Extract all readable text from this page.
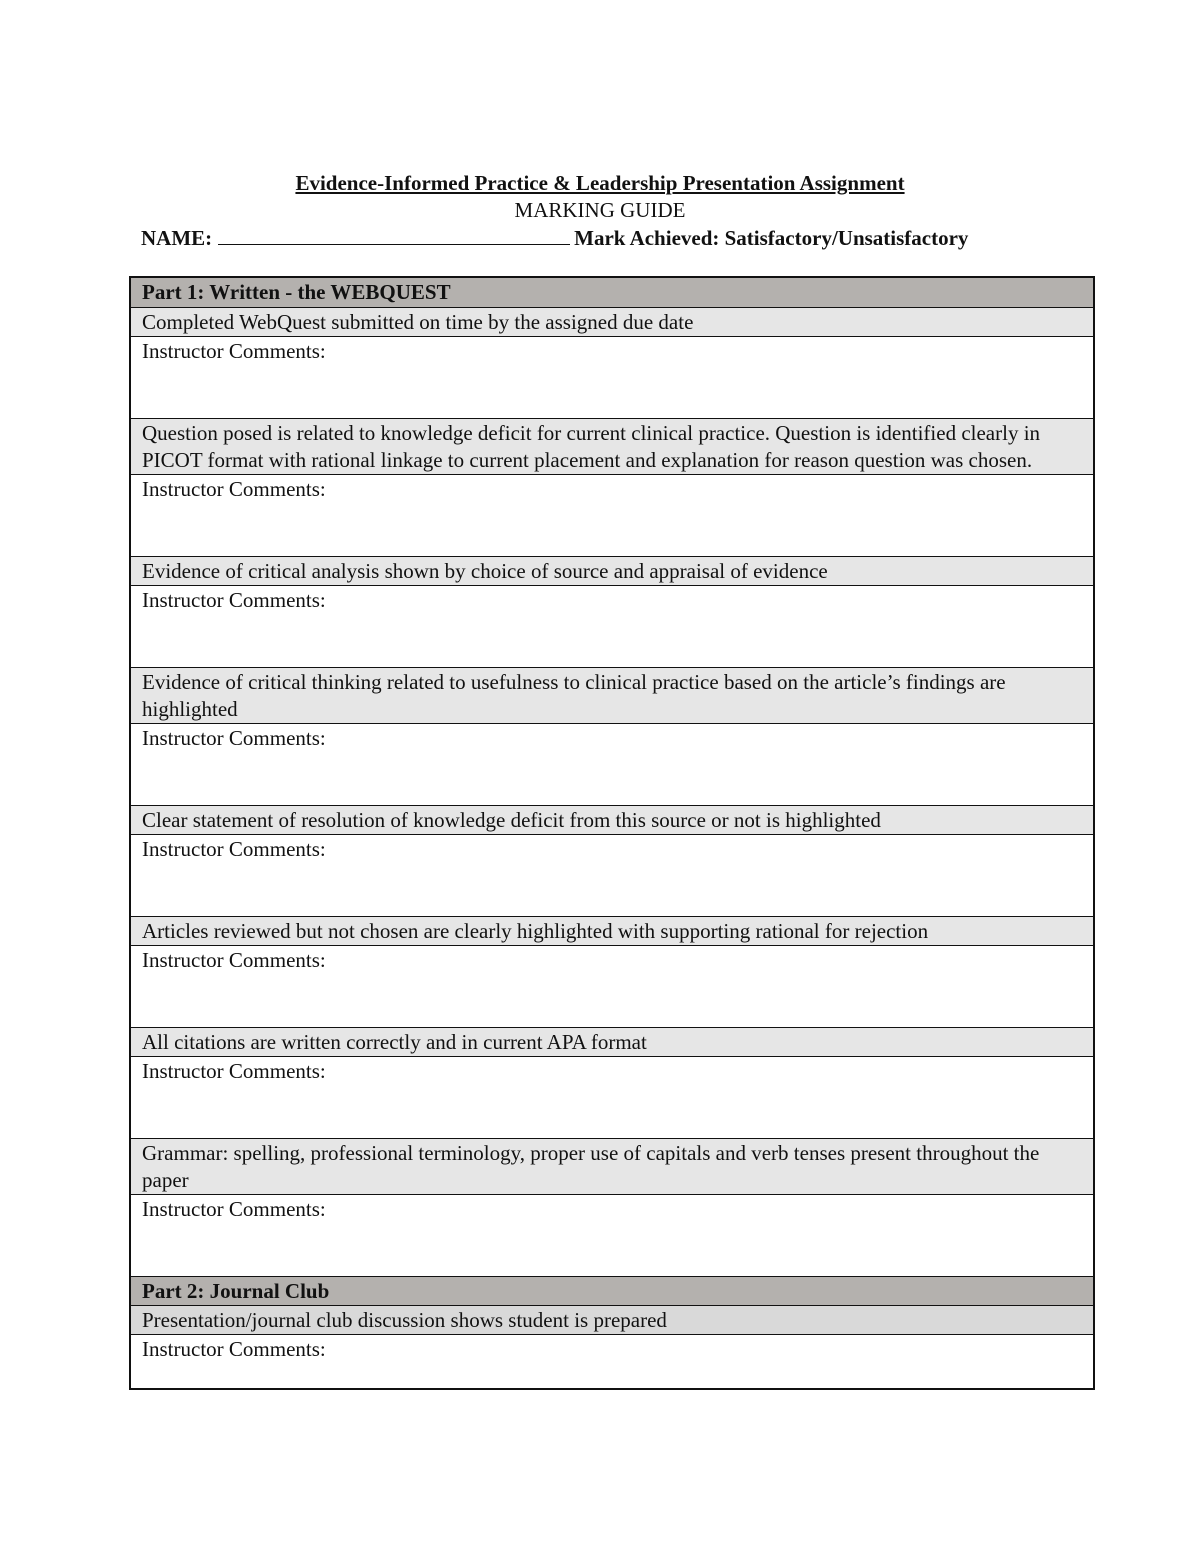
Evidence-Informed Practice & Leadership Presentation Assignment
MARKING GUIDE
NAME:	Mark Achieved: Satisfactory/Unsatisfactory
Part 1: Written - the WEBQUEST
Completed WebQuest submitted on time by the assigned due date
Instructor Comments:
Question posed is related to knowledge deficit for current clinical practice. Question is identified clearly in PICOT format with rational linkage to current placement and explanation for reason question was chosen.
Instructor Comments:
Evidence of critical analysis shown by choice of source and appraisal of evidence
Instructor Comments:
Evidence of critical thinking related to usefulness to clinical practice based on the article’s findings are highlighted
Instructor Comments:
Clear statement of resolution of knowledge deficit from this source or not is highlighted
Instructor Comments:
Articles reviewed but not chosen are clearly highlighted with supporting rational for rejection
Instructor Comments:
All citations are written correctly and in current APA format
Instructor Comments:
Grammar: spelling, professional terminology, proper use of capitals and verb tenses present throughout the paper
Instructor Comments:
Part 2: Journal Club
Presentation/journal club discussion shows student is prepared
Instructor Comments:
